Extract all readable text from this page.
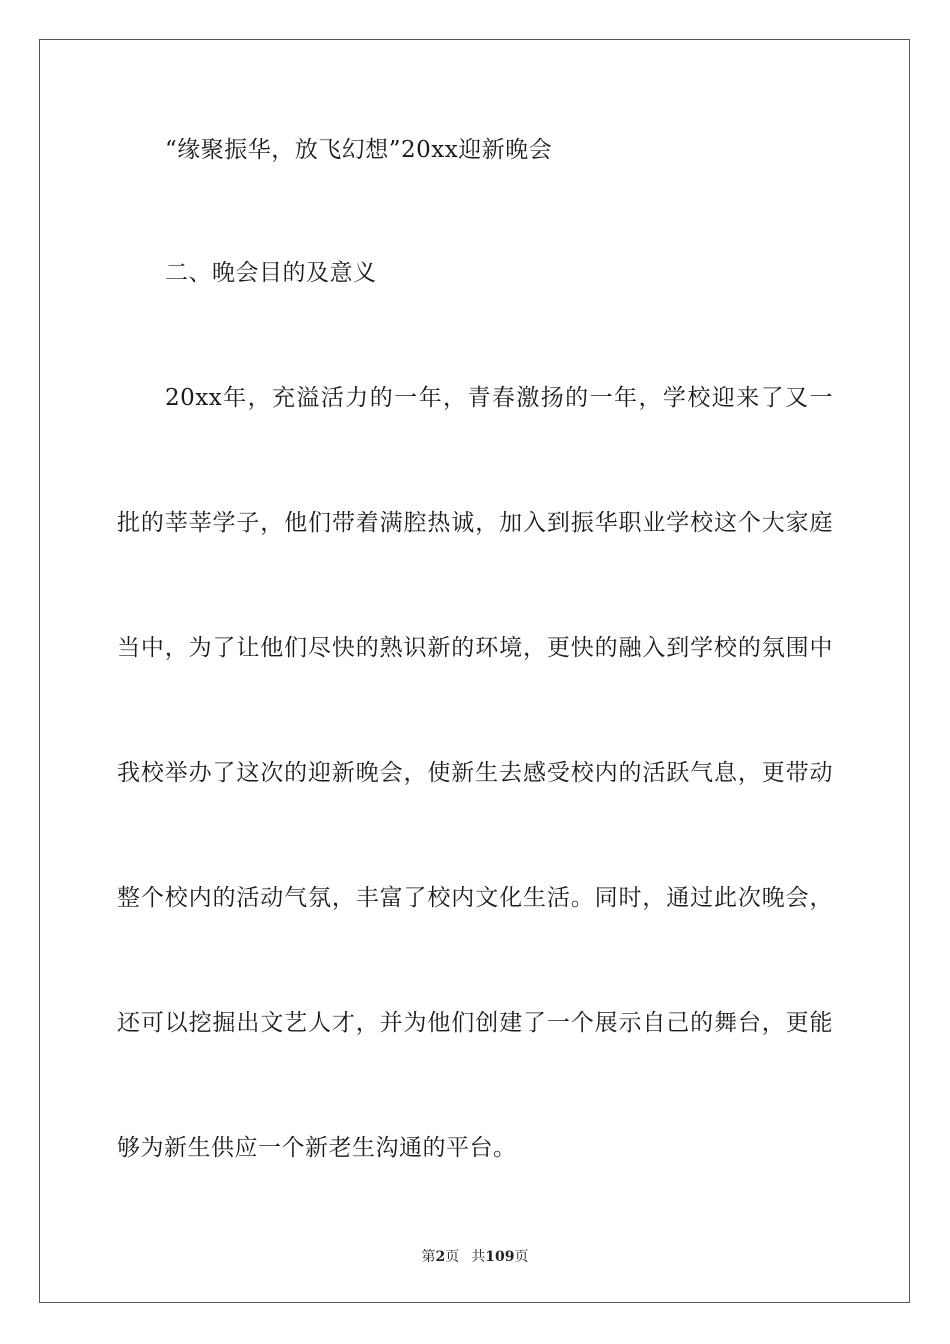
“缘聚振华，放飞幻想”20xx迎新晚会
二、晚会目的及意义
20xx年，充溢活力的一年，青春激扬的一年，学校迎来了又一
批的莘莘学子，他们带着满腔热诚，加入到振华职业学校这个大家庭
当中，为了让他们尽快的熟识新的环境，更快的融入到学校的氛围中
我校举办了这次的迎新晚会，使新生去感受校内的活跃气息，更带动
整个校内的活动气氛，丰富了校内文化生活。同时，通过此次晚会，
还可以挖掘出文艺人才，并为他们创建了一个展示自己的舞台，更能
够为新生供应一个新老生沟通的平台。
第2页 共109页
